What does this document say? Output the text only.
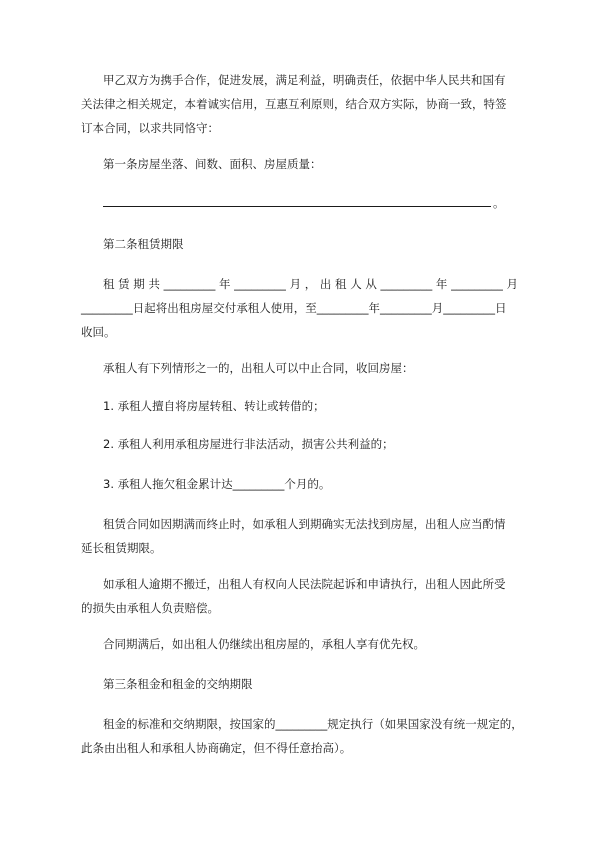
甲乙双方为携手合作，促进发展，满足利益，明确责任，依据中华人民共和国有
关法律之相关规定，本着诚实信用，互惠互利原则，结合双方实际，协商一致，特签
订本合同，以求共同恪守：

第一条房屋坐落、间数、面积、房屋质量：

。

第二条租赁期限

租 赁 期 共 _________ 年 _________ 月 ， 出 租 人 从 _________ 年 _________ 月
_________日起将出租房屋交付承租人使用，至_________年_________月_________日
收回。

承租人有下列情形之一的，出租人可以中止合同，收回房屋：

1. 承租人擅自将房屋转租、转让或转借的；

2. 承租人利用承租房屋进行非法活动，损害公共利益的；

3. 承租人拖欠租金累计达_________个月的。

租赁合同如因期满而终止时，如承租人到期确实无法找到房屋，出租人应当酌情
延长租赁期限。
如承租人逾期不搬迁，出租人有权向人民法院起诉和申请执行，出租人因此所受
的损失由承租人负责赔偿。

合同期满后，如出租人仍继续出租房屋的，承租人享有优先权。

第三条租金和租金的交纳期限

租金的标准和交纳期限，按国家的_________规定执行（如果国家没有统一规定的，
此条由出租人和承租人协商确定，但不得任意抬高）。
